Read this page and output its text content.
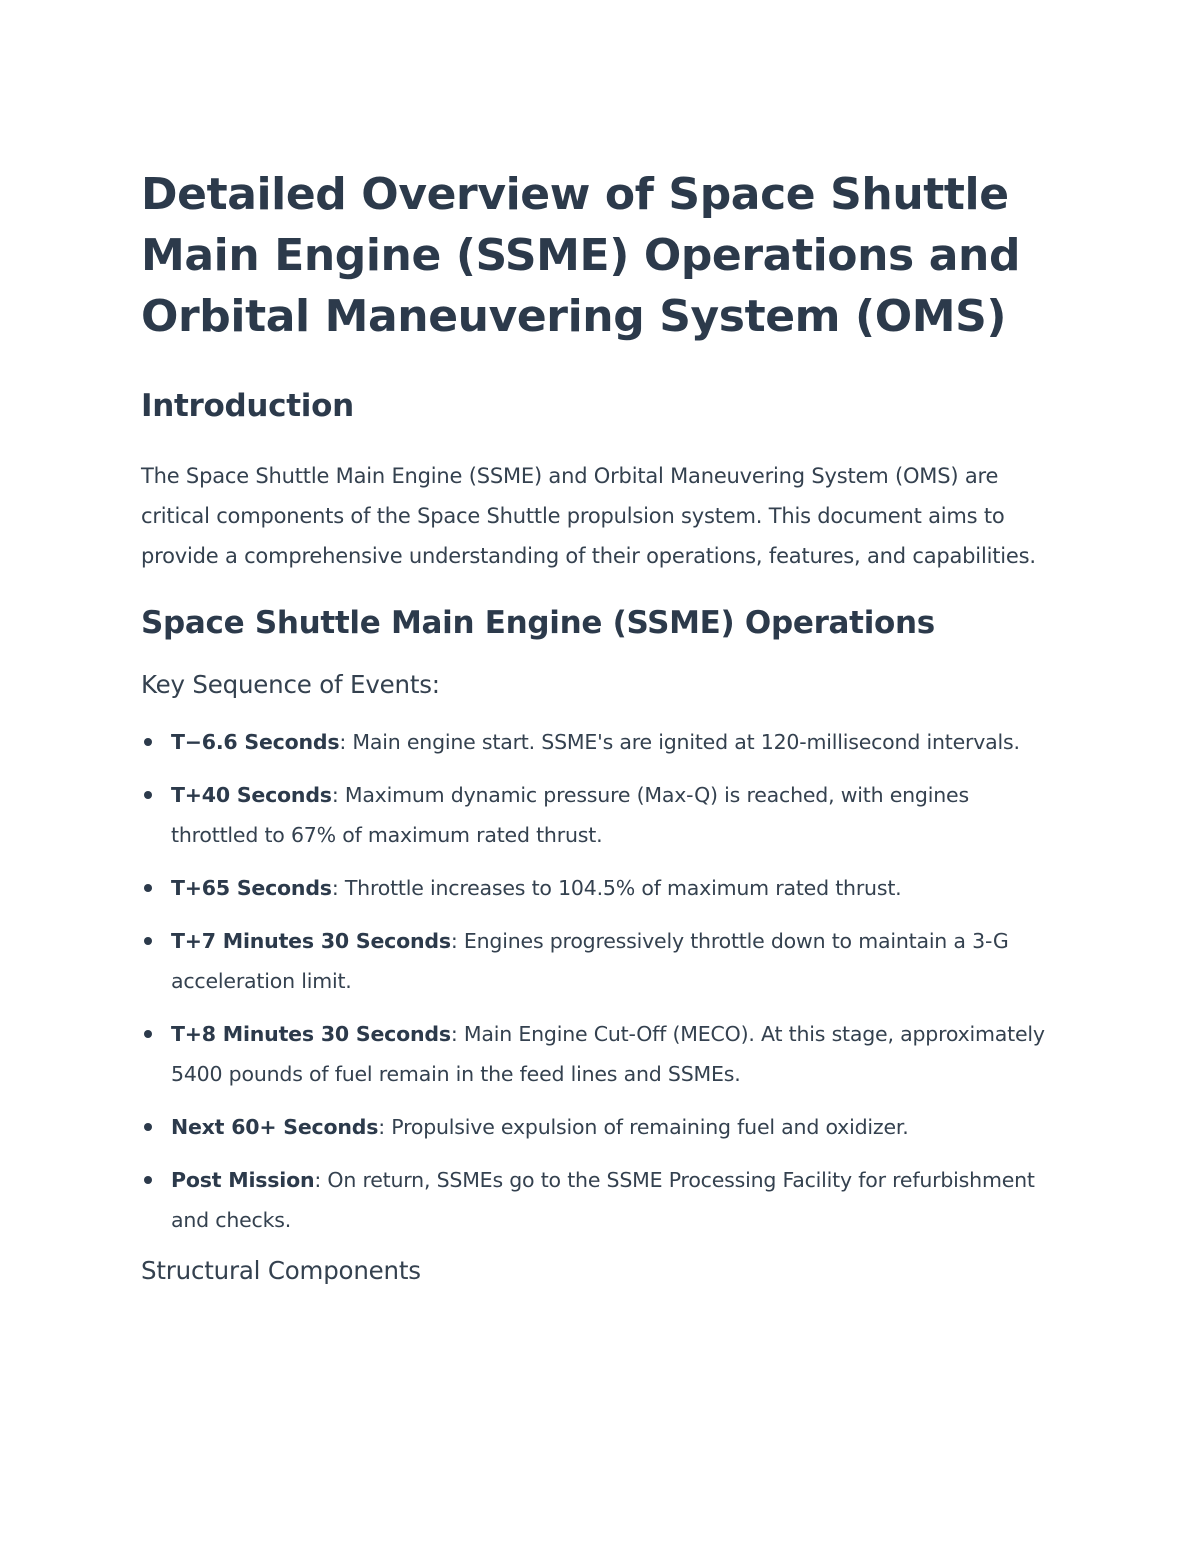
Detailed Overview of Space Shuttle Main Engine (SSME) Operations and Orbital Maneuvering System (OMS)
Introduction

The Space Shuttle Main Engine (SSME) and Orbital Maneuvering System (OMS) are critical components of the Space Shuttle propulsion system. This document aims to provide a comprehensive understanding of their operations, features, and capabilities.

Space Shuttle Main Engine (SSME) Operations
Key Sequence of Events:
T−6.6 Seconds: Main engine start. SSME's are ignited at 120-millisecond intervals.
T+40 Seconds: Maximum dynamic pressure (Max-Q) is reached, with engines throttled to 67% of maximum rated thrust.
T+65 Seconds: Throttle increases to 104.5% of maximum rated thrust.
T+7 Minutes 30 Seconds: Engines progressively throttle down to maintain a 3-G acceleration limit.
T+8 Minutes 30 Seconds: Main Engine Cut-Off (MECO). At this stage, approximately 5400 pounds of fuel remain in the feed lines and SSMEs.
Next 60+ Seconds: Propulsive expulsion of remaining fuel and oxidizer.
Post Mission: On return, SSMEs go to the SSME Processing Facility for refurbishment and checks.
Structural Components
